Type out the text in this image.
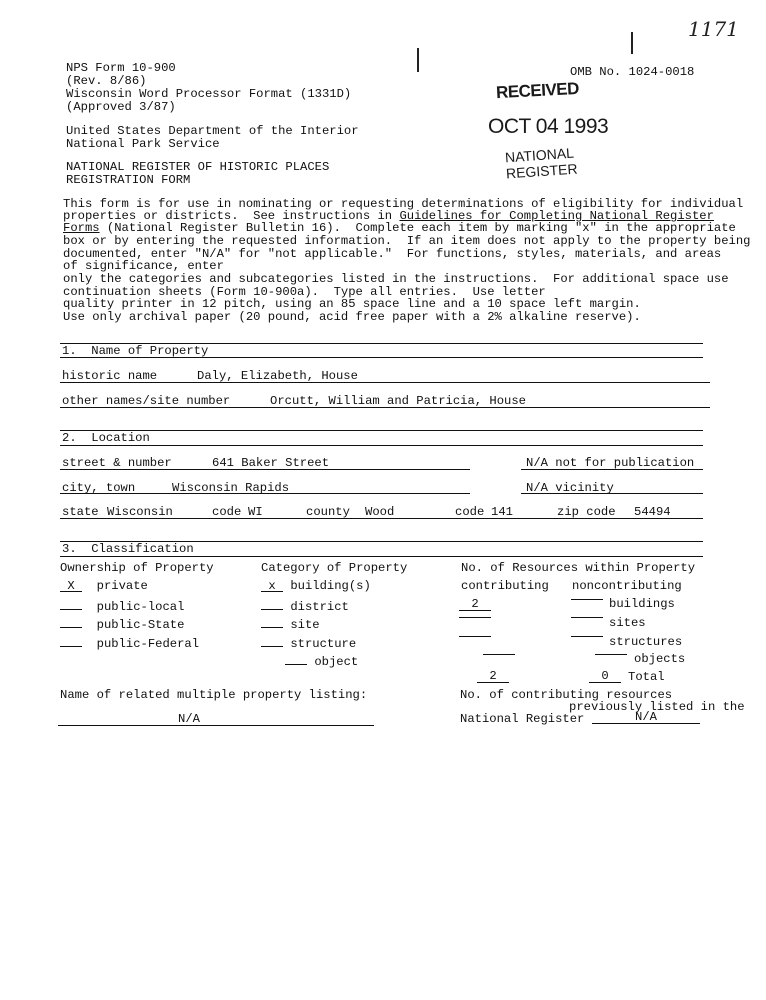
1171
NPS Form 10-900
(Rev. 8/86)
Wisconsin Word Processor Format (1331D)
(Approved 3/87)
OMB No. 1024-0018
United States Department of the Interior
National Park Service
NATIONAL REGISTER OF HISTORIC PLACES
REGISTRATION FORM
RECEIVED
OCT 04 1993
NATIONAL
REGISTER
This form is for use in nominating or requesting determinations of eligibility for individual
properties or districts.  See instructions in Guidelines for Completing National Register
Forms (National Register Bulletin 16).  Complete each item by marking "x" in the appropriate
box or by entering the requested information.  If an item does not apply to the property being
documented, enter "N/A" for "not applicable."  For functions, styles, materials, and areas
of significance, enter
only the categories and subcategories listed in the instructions.  For additional space use
continuation sheets (Form 10-900a).  Type all entries.  Use letter
quality printer in 12 pitch, using an 85 space line and a 10 space left margin.
Use only archival paper (20 pound, acid free paper with a 2% alkaline reserve).
1.  Name of Property
historic name	Daly, Elizabeth, House
other names/site number	Orcutt, William and Patricia, House
2.  Location
street & number	641 Baker Street	N/A not for publication
city, town	Wisconsin Rapids	N/A vicinity
state Wisconsin	code WI	county Wood	code 141	zip code 54494
3.  Classification
Ownership of Property
X private
public-local
public-State
public-Federal
Category of Property
x building(s)
district
site
structure
object
No. of Resources within Property
contributing noncontributing
2	buildings
sites
structures
objects
2	0	Total
Name of related multiple property listing:
N/A
No. of contributing resources
previously listed in the
National Register	N/A
